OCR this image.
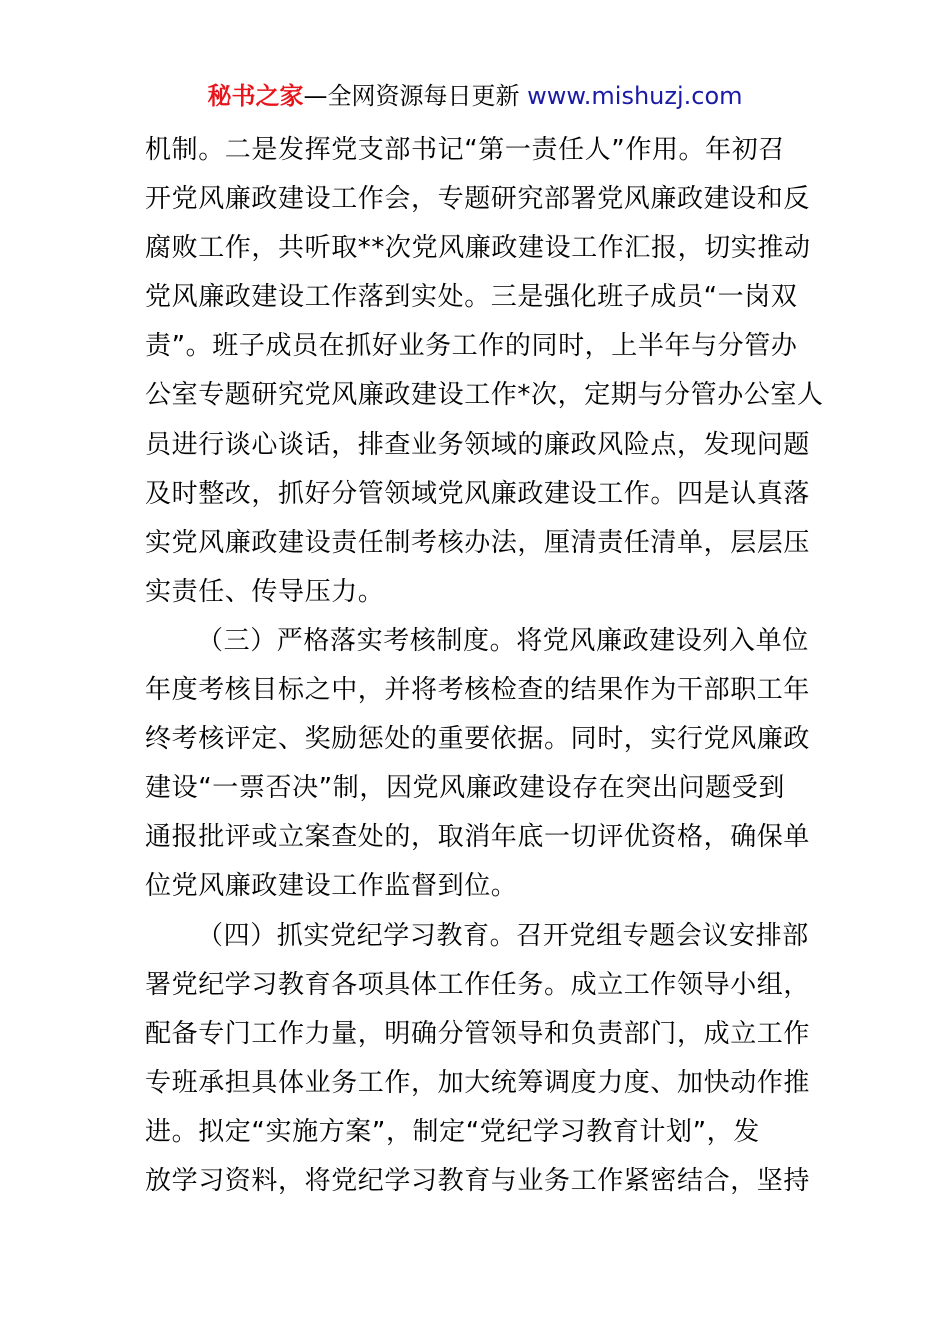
秘书之家—全网资源每日更新 www.mishuzj.com
机制。二是发挥党支部书记“第一责任人”作用。年初召
开党风廉政建设工作会，专题研究部署党风廉政建设和反
腐败工作，共听取**次党风廉政建设工作汇报，切实推动
党风廉政建设工作落到实处。三是强化班子成员“一岗双
责”。班子成员在抓好业务工作的同时，上半年与分管办
公室专题研究党风廉政建设工作*次，定期与分管办公室人
员进行谈心谈话，排查业务领域的廉政风险点，发现问题
及时整改，抓好分管领域党风廉政建设工作。四是认真落
实党风廉政建设责任制考核办法，厘清责任清单，层层压
实责任、传导压力。
（三）严格落实考核制度。将党风廉政建设列入单位
年度考核目标之中，并将考核检查的结果作为干部职工年
终考核评定、奖励惩处的重要依据。同时，实行党风廉政
建设“一票否决”制，因党风廉政建设存在突出问题受到
通报批评或立案查处的，取消年底一切评优资格，确保单
位党风廉政建设工作监督到位。
（四）抓实党纪学习教育。召开党组专题会议安排部
署党纪学习教育各项具体工作任务。成立工作领导小组，
配备专门工作力量，明确分管领导和负责部门，成立工作
专班承担具体业务工作，加大统筹调度力度、加快动作推
进。拟定“实施方案”，制定“党纪学习教育计划”，发
放学习资料，将党纪学习教育与业务工作紧密结合，坚持
